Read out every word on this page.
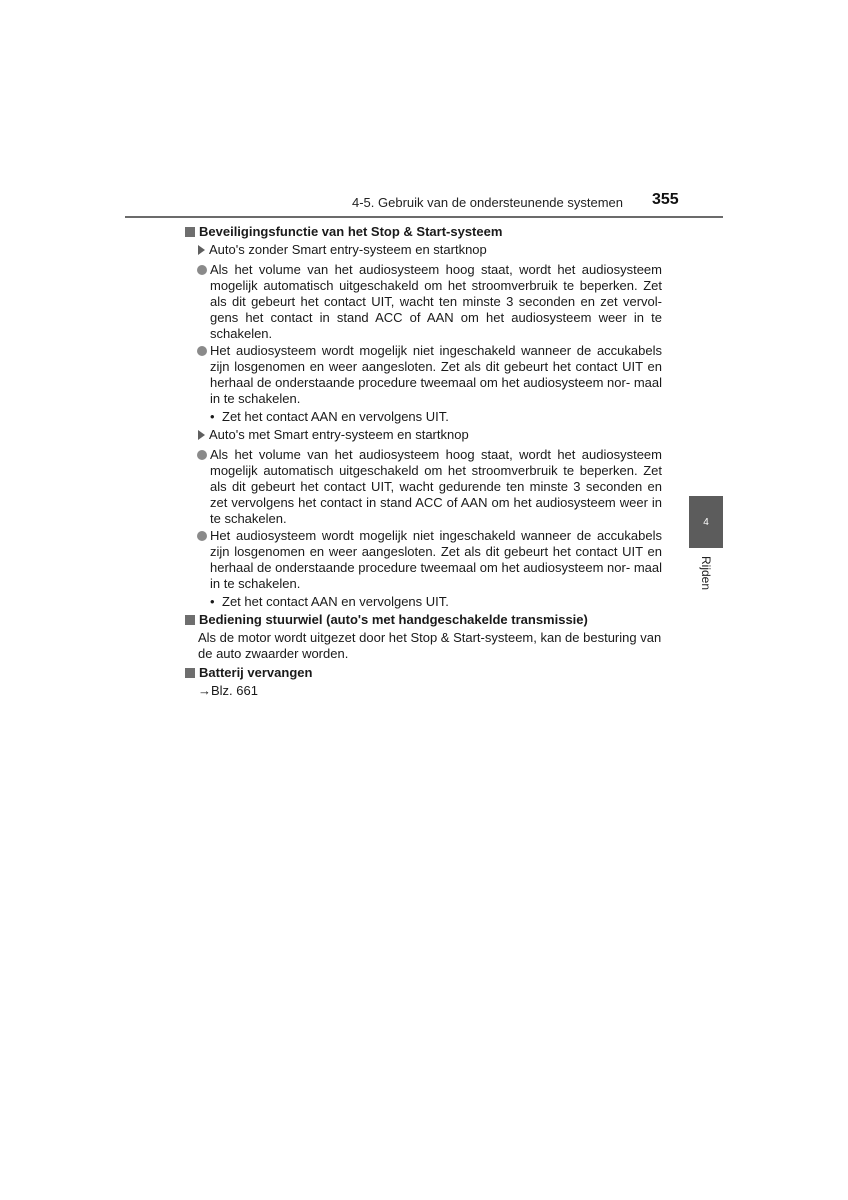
4-5. Gebruik van de ondersteunende systemen 355
4
Rijden
Beveiligingsfunctie van het Stop & Start-systeem
Auto's zonder Smart entry-systeem en startknop
Als het volume van het audiosysteem hoog staat, wordt het audiosysteem mogelijk automatisch uitgeschakeld om het stroomverbruik te beperken. Zet als dit gebeurt het contact UIT, wacht ten minste 3 seconden en zet vervol- gens het contact in stand ACC of AAN om het audiosysteem weer in te schakelen.
Het audiosysteem wordt mogelijk niet ingeschakeld wanneer de accukabels zijn losgenomen en weer aangesloten. Zet als dit gebeurt het contact UIT en herhaal de onderstaande procedure tweemaal om het audiosysteem nor- maal in te schakelen.
• Zet het contact AAN en vervolgens UIT.
Auto's met Smart entry-systeem en startknop
Als het volume van het audiosysteem hoog staat, wordt het audiosysteem mogelijk automatisch uitgeschakeld om het stroomverbruik te beperken. Zet als dit gebeurt het contact UIT, wacht gedurende ten minste 3 seconden en zet vervolgens het contact in stand ACC of AAN om het audiosysteem weer in te schakelen.
Het audiosysteem wordt mogelijk niet ingeschakeld wanneer de accukabels zijn losgenomen en weer aangesloten. Zet als dit gebeurt het contact UIT en herhaal de onderstaande procedure tweemaal om het audiosysteem nor- maal in te schakelen.
• Zet het contact AAN en vervolgens UIT.
Bediening stuurwiel (auto's met handgeschakelde transmissie)
Als de motor wordt uitgezet door het Stop & Start-systeem, kan de besturing van de auto zwaarder worden.
Batterij vervangen
→Blz. 661
